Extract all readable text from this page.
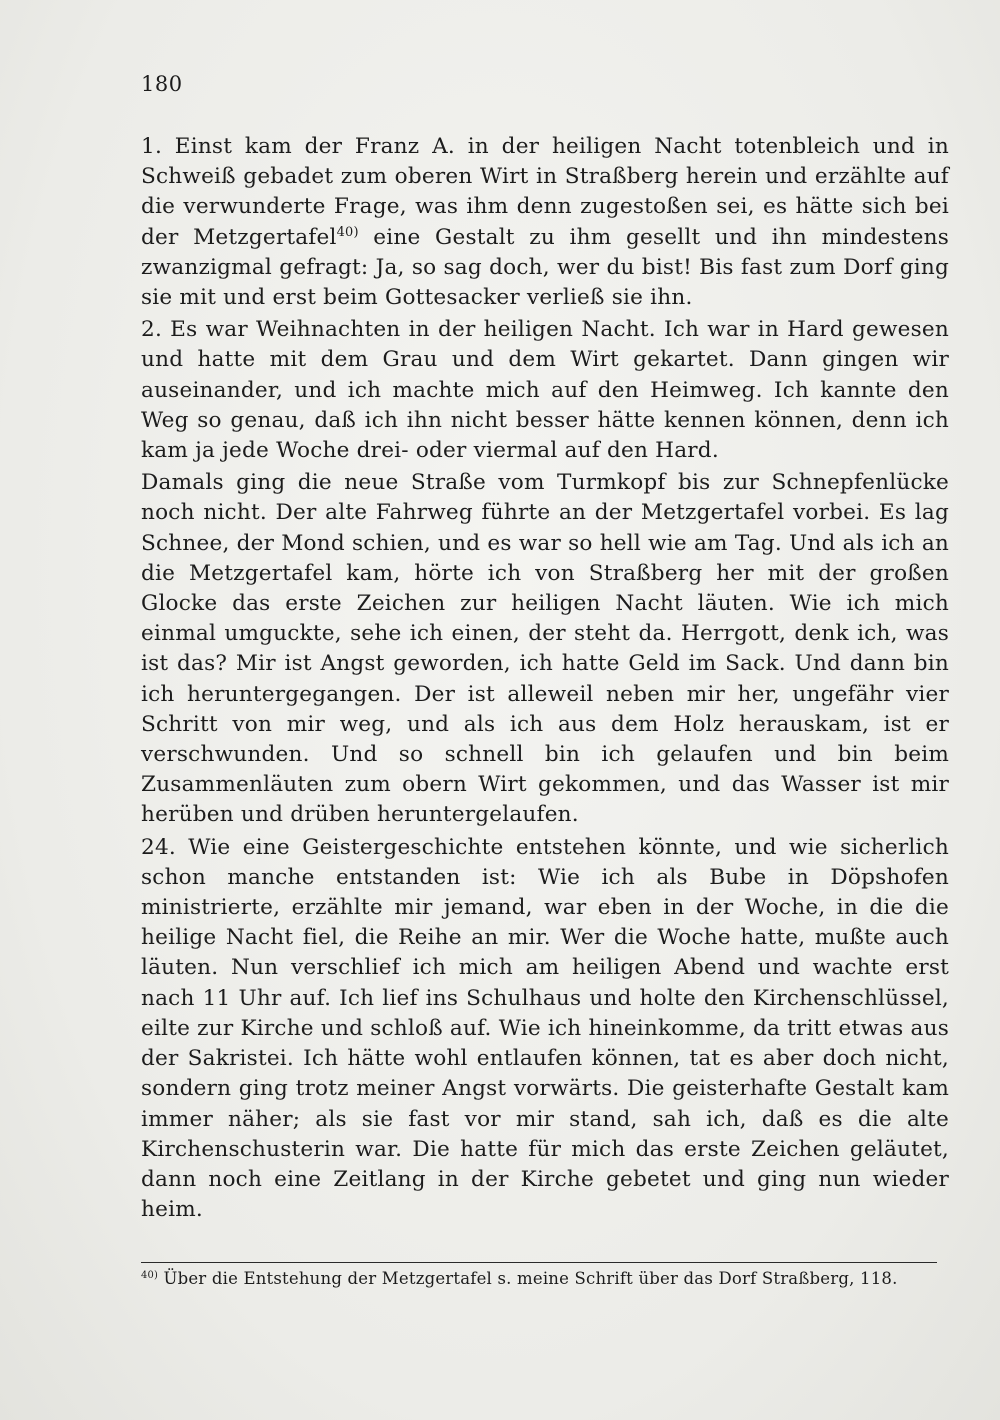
180

1. Einst kam der Franz A. in der heiligen Nacht totenbleich und in Schweiß gebadet zum oberen Wirt in Straßberg herein und erzählte auf die verwunderte Frage, was ihm denn zugestoßen sei, es hätte sich bei der Metzgertafel$^{40)}$ eine Gestalt zu ihm gesellt und ihn mindestens zwanzigmal gefragt: Ja, so sag doch, wer du bist! Bis fast zum Dorf ging sie mit und erst beim Gottesacker verließ sie ihn.

2. Es war Weihnachten in der heiligen Nacht. Ich war in Hard gewesen und hatte mit dem Grau und dem Wirt gekartet. Dann gingen wir auseinander, und ich machte mich auf den Heimweg. Ich kannte den Weg so genau, daß ich ihn nicht besser hätte kennen können, denn ich kam ja jede Woche drei- oder viermal auf den Hard.

Damals ging die neue Straße vom Turmkopf bis zur Schnepfenlücke noch nicht. Der alte Fahrweg führte an der Metzgertafel vorbei. Es lag Schnee, der Mond schien, und es war so hell wie am Tag. Und als ich an die Metzgertafel kam, hörte ich von Straßberg her mit der großen Glocke das erste Zeichen zur heiligen Nacht läuten. Wie ich mich einmal umguckte, sehe ich einen, der steht da. Herrgott, denk ich, was ist das? Mir ist Angst geworden, ich hatte Geld im Sack. Und dann bin ich heruntergegangen. Der ist alleweil neben mir her, ungefähr vier Schritt von mir weg, und als ich aus dem Holz herauskam, ist er verschwunden. Und so schnell bin ich gelaufen und bin beim Zusammenläuten zum obern Wirt gekommen, und das Wasser ist mir herüben und drüben heruntergelaufen.

24. Wie eine Geistergeschichte entstehen könnte, und wie sicherlich schon manche entstanden ist: Wie ich als Bube in Döpshofen ministrierte, erzählte mir jemand, war eben in der Woche, in die die heilige Nacht fiel, die Reihe an mir. Wer die Woche hatte, mußte auch läuten. Nun verschlief ich mich am heiligen Abend und wachte erst nach 11 Uhr auf. Ich lief ins Schulhaus und holte den Kirchenschlüssel, eilte zur Kirche und schloß auf. Wie ich hineinkomme, da tritt etwas aus der Sakristei. Ich hätte wohl entlaufen können, tat es aber doch nicht, sondern ging trotz meiner Angst vorwärts. Die geisterhafte Gestalt kam immer näher; als sie fast vor mir stand, sah ich, daß es die alte Kirchenschusterin war. Die hatte für mich das erste Zeichen geläutet, dann noch eine Zeitlang in der Kirche gebetet und ging nun wieder heim.

$^{40)}$ Über die Entstehung der Metzgertafel s. meine Schrift über das Dorf Straßberg, 118.
